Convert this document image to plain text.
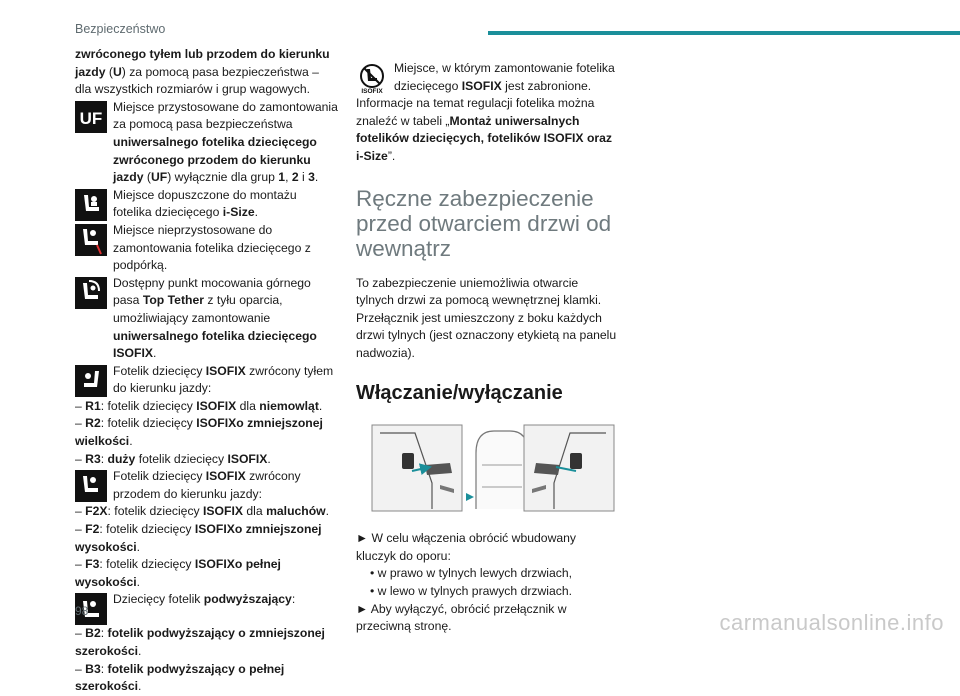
Bezpieczeństwo

zwróconego tyłem lub przodem do kierunku jazdy (U) za pomocą pasa bezpieczeństwa – dla wszystkich rozmiarów i grup wagowych.

UF
Miejsce przystosowane do zamontowania za pomocą pasa bezpieczeństwa uniwersalnego fotelika dziecięcego zwróconego przodem do kierunku jazdy (UF) wyłącznie dla grup 1, 2 i 3.
Miejsce dopuszczone do montażu fotelika dziecięcego i-Size.
Miejsce nieprzystosowane do zamontowania fotelika dziecięcego z podpórką.
Dostępny punkt mocowania górnego pasa Top Tether z tyłu oparcia, umożliwiający zamontowanie uniwersalnego fotelika dziecięcego ISOFIX.
Fotelik dziecięcy ISOFIX zwrócony tyłem do kierunku jazdy:

– R1: fotelik dziecięcy ISOFIX dla niemowląt.

– R2: fotelik dziecięcy ISOFIXo zmniejszonej wielkości.

– R3: duży fotelik dziecięcy ISOFIX.

Fotelik dziecięcy ISOFIX zwrócony przodem do kierunku jazdy:

– F2X: fotelik dziecięcy ISOFIX dla maluchów.

– F2: fotelik dziecięcy ISOFIXo zmniejszonej wysokości.

– F3: fotelik dziecięcy ISOFIXo pełnej wysokości.

Dziecięcy fotelik podwyższający:

– B2: fotelik podwyższający o zmniejszonej szerokości.

– B3: fotelik podwyższający o pełnej szerokości.

ISOFIX
Miejsce, w którym zamontowanie fotelika dziecięcego ISOFIX jest zabronione.

Informacje na temat regulacji fotelika można znaleźć w tabeli „Montaż uniwersalnych fotelików dziecięcych, fotelików ISOFIX oraz i-Size”.

Ręczne zabezpieczenie przed otwarciem drzwi od wewnątrz

To zabezpieczenie uniemożliwia otwarcie tylnych drzwi za pomocą wewnętrznej klamki.

Przełącznik jest umieszczony z boku każdych drzwi tylnych (jest oznaczony etykietą na panelu nadwozia).

Włączanie/wyłączanie

► W celu włączenia obrócić wbudowany kluczyk do oporu:

• w prawo w tylnych lewych drzwiach,

• w lewo w tylnych prawych drzwiach.

► Aby wyłączyć, obrócić przełącznik w przeciwną stronę.

98	carmanualsonline.info
